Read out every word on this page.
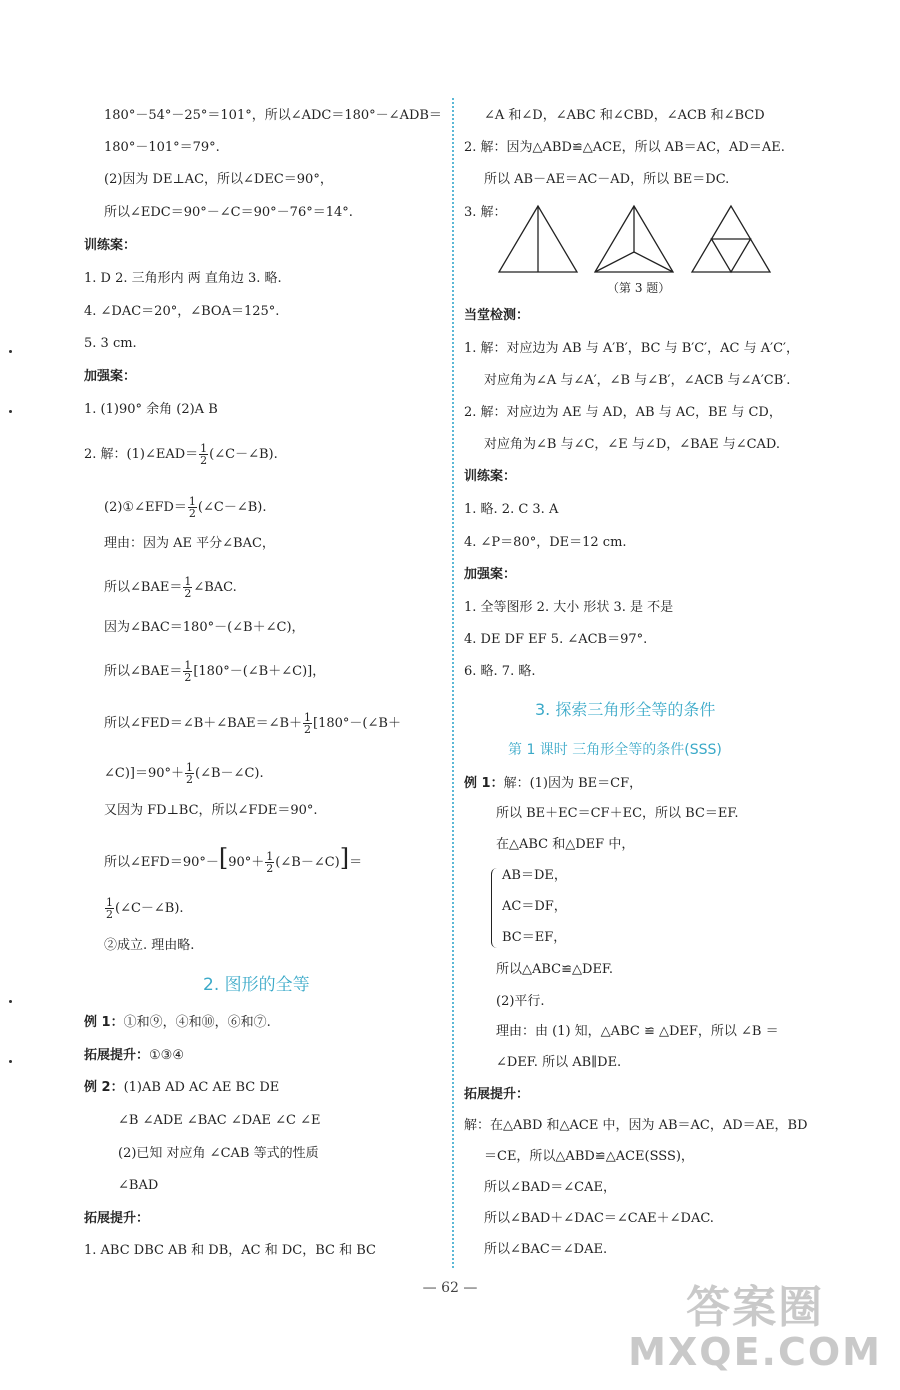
180°－54°－25°＝101°，所以∠ADC＝180°－∠ADB＝
180°－101°＝79°.
(2)因为 DE⊥AC，所以∠DEC＝90°，
所以∠EDC＝90°－∠C＝90°－76°＝14°.
训练案：
1. D 2. 三角形内 两 直角边 3. 略.
4. ∠DAC＝20°，∠BOA＝125°.
5. 3 cm.
加强案：
1. (1)90° 余角 (2)A B
2. 解：(1)∠EAD＝ $\frac{1}{2}$ (∠C－∠B).
(2)①∠EFD＝ $\frac{1}{2}$ (∠C－∠B).
理由：因为 AE 平分∠BAC，
所以∠BAE＝ $\frac{1}{2}$ ∠BAC.
因为∠BAC＝180°－(∠B＋∠C)，
所以∠BAE＝ $\frac{1}{2}$ [180°－(∠B＋∠C)]，
所以∠FED＝∠B＋∠BAE＝∠B＋ $\frac{1}{2}$ [180°－(∠B＋
∠C)]＝90°＋ $\frac{1}{2}$ (∠B－∠C).
又因为 FD⊥BC，所以∠FDE＝90°.
所以∠EFD＝90°－[90°＋ $\frac{1}{2}$ (∠B－∠C)]＝
$\frac{1}{2}$ (∠C－∠B).
②成立. 理由略.
2. 图形的全等
例 1：①和⑨，④和⑩，⑥和⑦.
拓展提升：①③④
例 2：(1)AB AD AC AE BC DE
∠B ∠ADE ∠BAC ∠DAE ∠C ∠E
(2)已知 对应角 ∠CAB 等式的性质
∠BAD
拓展提升：
1. ABC DBC AB 和 DB，AC 和 DC，BC 和 BC
∠A 和∠D，∠ABC 和∠CBD，∠ACB 和∠BCD
2. 解：因为△ABD≌△ACE，所以 AB＝AC，AD＝AE.
所以 AB－AE＝AC－AD，所以 BE＝DC.
3. 解：
（第 3 题）
当堂检测：
1. 解：对应边为 AB 与 A′B′，BC 与 B′C′，AC 与 A′C′，
对应角为∠A 与∠A′，∠B 与∠B′，∠ACB 与∠A′CB′.
2. 解：对应边为 AE 与 AD，AB 与 AC，BE 与 CD，
对应角为∠B 与∠C，∠E 与∠D，∠BAE 与∠CAD.
训练案：
1. 略. 2. C 3. A
4. ∠P＝80°，DE＝12 cm.
加强案：
1. 全等图形 2. 大小 形状 3. 是 不是
4. DE DF EF 5. ∠ACB＝97°.
6. 略. 7. 略.
3. 探索三角形全等的条件
第 1 课时 三角形全等的条件(SSS)
例 1：解：(1)因为 BE＝CF，
所以 BE＋EC＝CF＋EC，所以 BC＝EF.
在△ABC 和△DEF 中，
AB＝DE，
AC＝DF，
BC＝EF，
所以△ABC≌△DEF.
(2)平行.
理由：由 (1) 知，△ABC ≌ △DEF，所以 ∠B ＝
∠DEF. 所以 AB∥DE.
拓展提升：
解：在△ABD 和△ACE 中，因为 AB＝AC，AD＝AE，BD
＝CE，所以△ABD≌△ACE(SSS)，
所以∠BAD＝∠CAE，
所以∠BAD＋∠DAC＝∠CAE＋∠DAC.
所以∠BAC＝∠DAE.
— 62 —	答案圈
MXQE.COM
